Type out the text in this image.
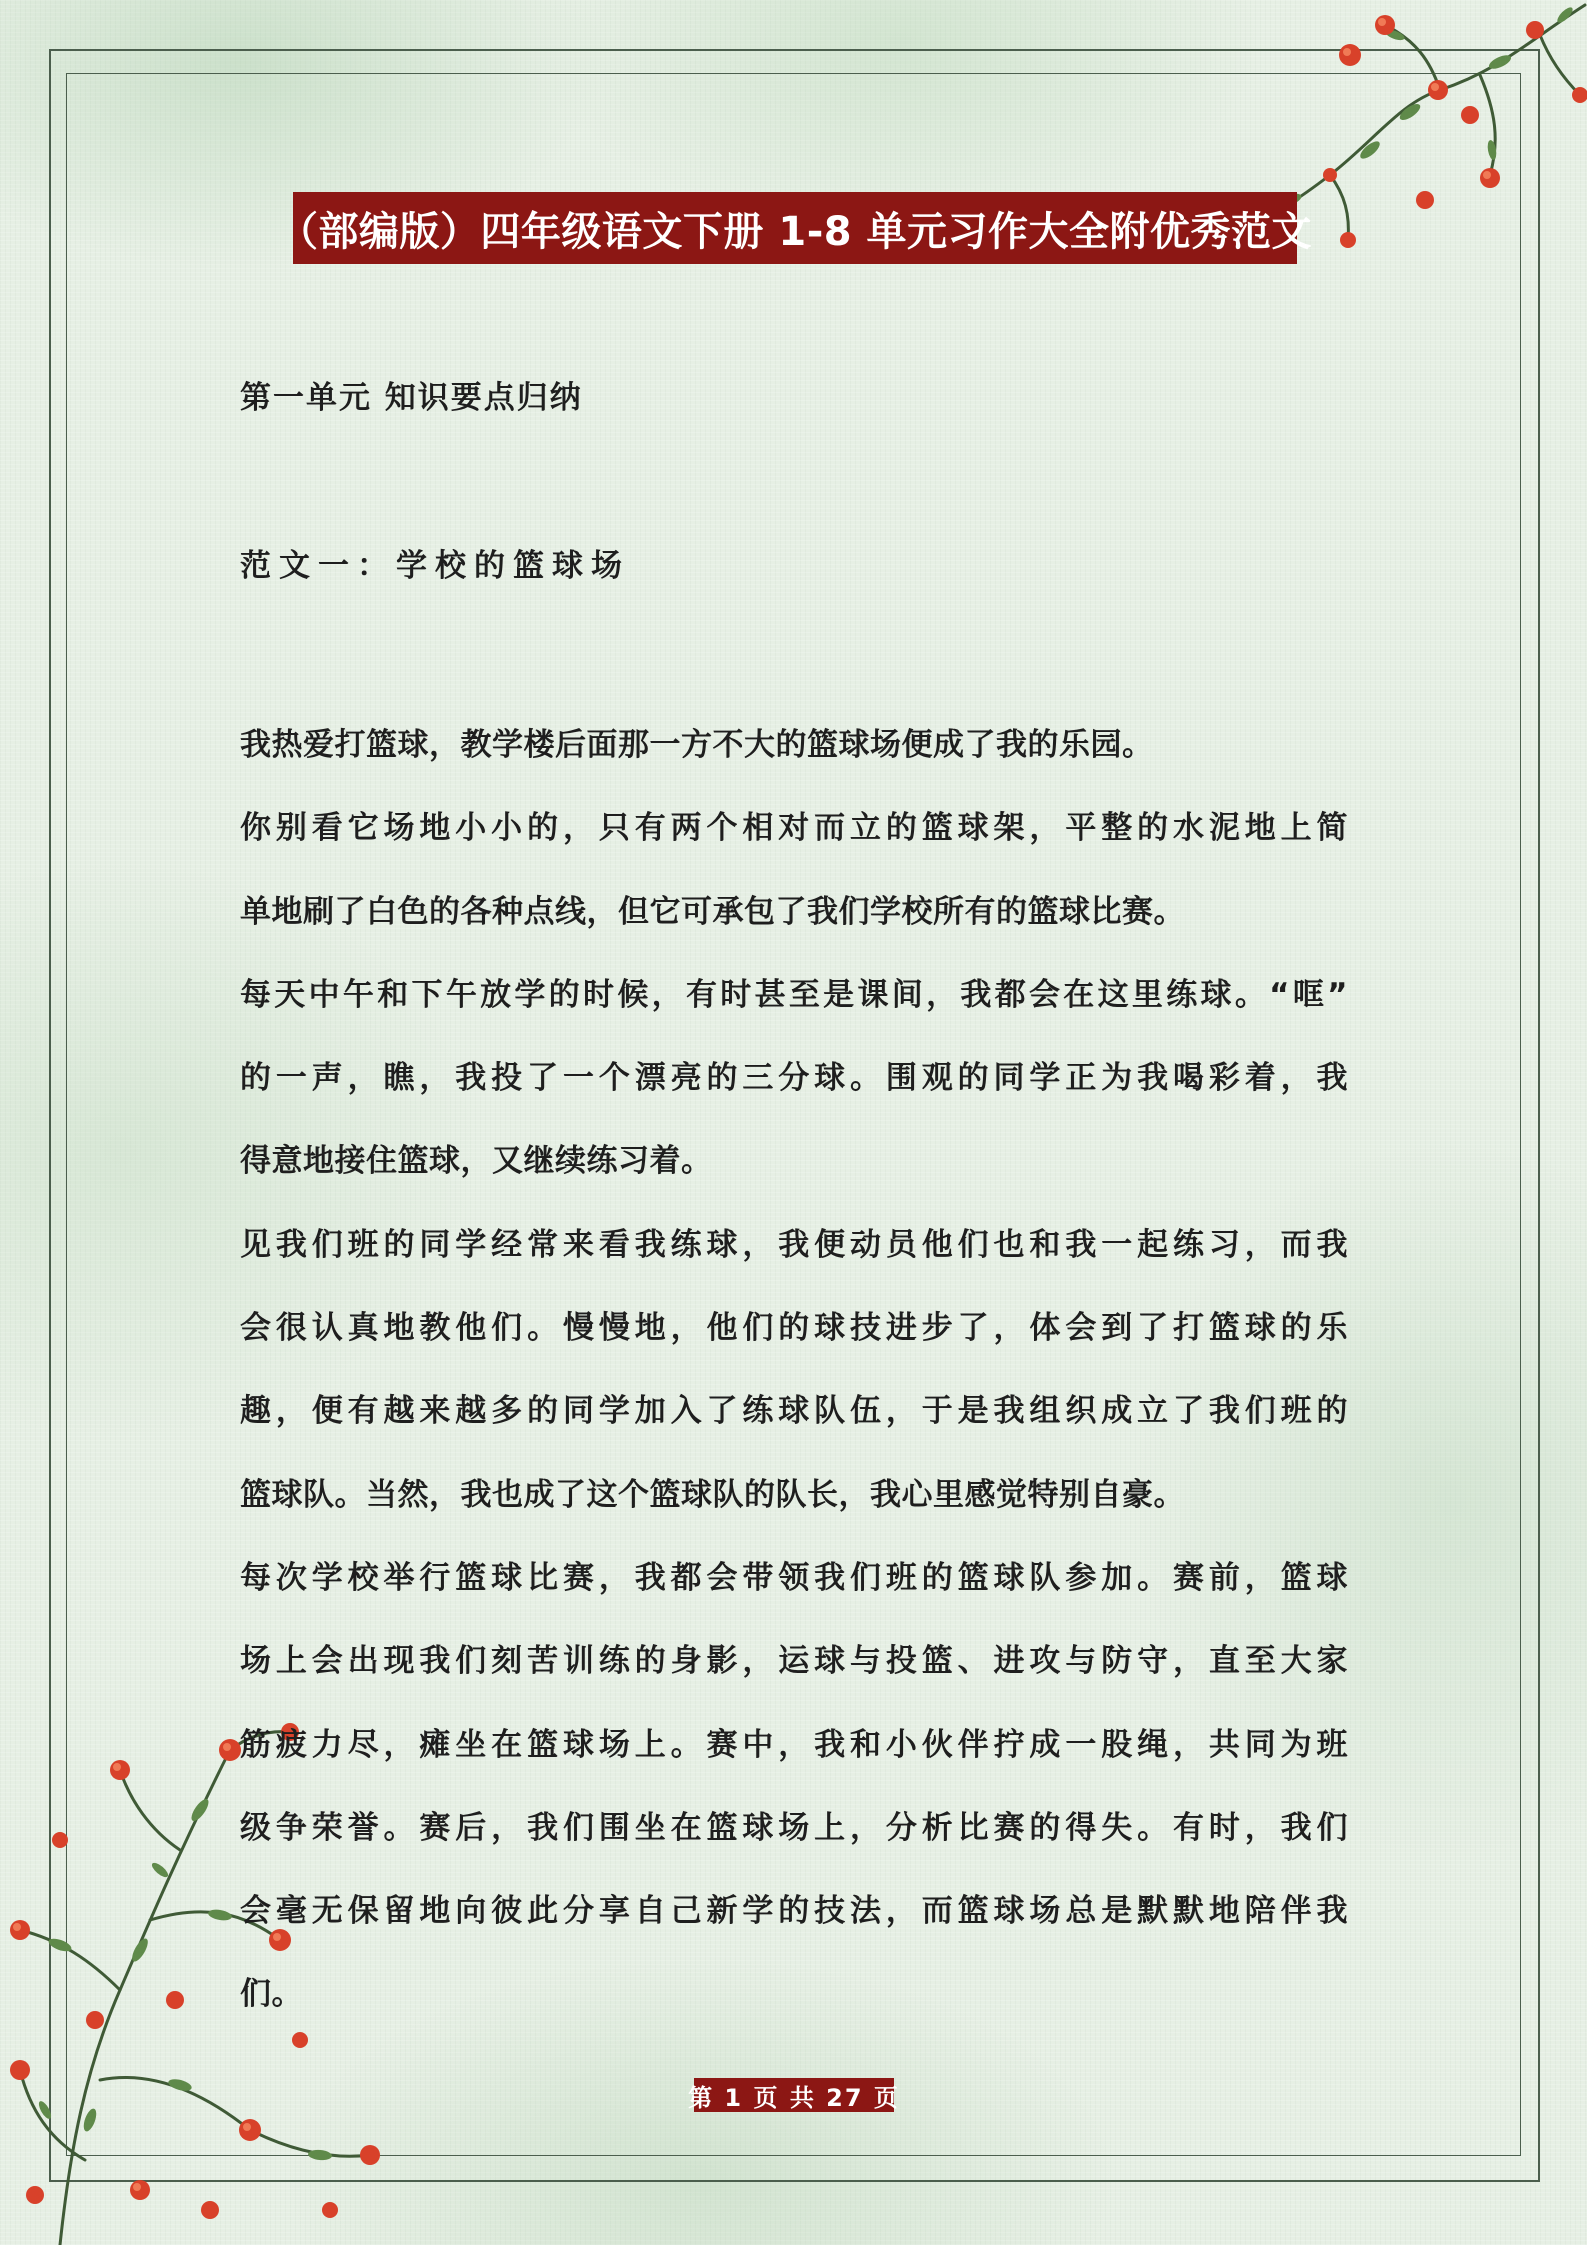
（部编版）四年级语文下册 1-8 单元习作大全附优秀范文
第一单元 知识要点归纳
范文一：学校的篮球场
我热爱打篮球，教学楼后面那一方不大的篮球场便成了我的乐园。
你别看它场地小小的，只有两个相对而立的篮球架，平整的水泥地上简
单地刷了白色的各种点线，但它可承包了我们学校所有的篮球比赛。
每天中午和下午放学的时候，有时甚至是课间，我都会在这里练球。“哐”
的一声，瞧，我投了一个漂亮的三分球。围观的同学正为我喝彩着，我
得意地接住篮球，又继续练习着。
见我们班的同学经常来看我练球，我便动员他们也和我一起练习，而我
会很认真地教他们。慢慢地，他们的球技进步了，体会到了打篮球的乐
趣，便有越来越多的同学加入了练球队伍，于是我组织成立了我们班的
篮球队。当然，我也成了这个篮球队的队长，我心里感觉特别自豪。
每次学校举行篮球比赛，我都会带领我们班的篮球队参加。赛前，篮球
场上会出现我们刻苦训练的身影，运球与投篮、进攻与防守，直至大家
筋疲力尽，瘫坐在篮球场上。赛中，我和小伙伴拧成一股绳，共同为班
级争荣誉。赛后，我们围坐在篮球场上，分析比赛的得失。有时，我们
会毫无保留地向彼此分享自己新学的技法，而篮球场总是默默地陪伴我
们。
第 1 页 共 27 页
